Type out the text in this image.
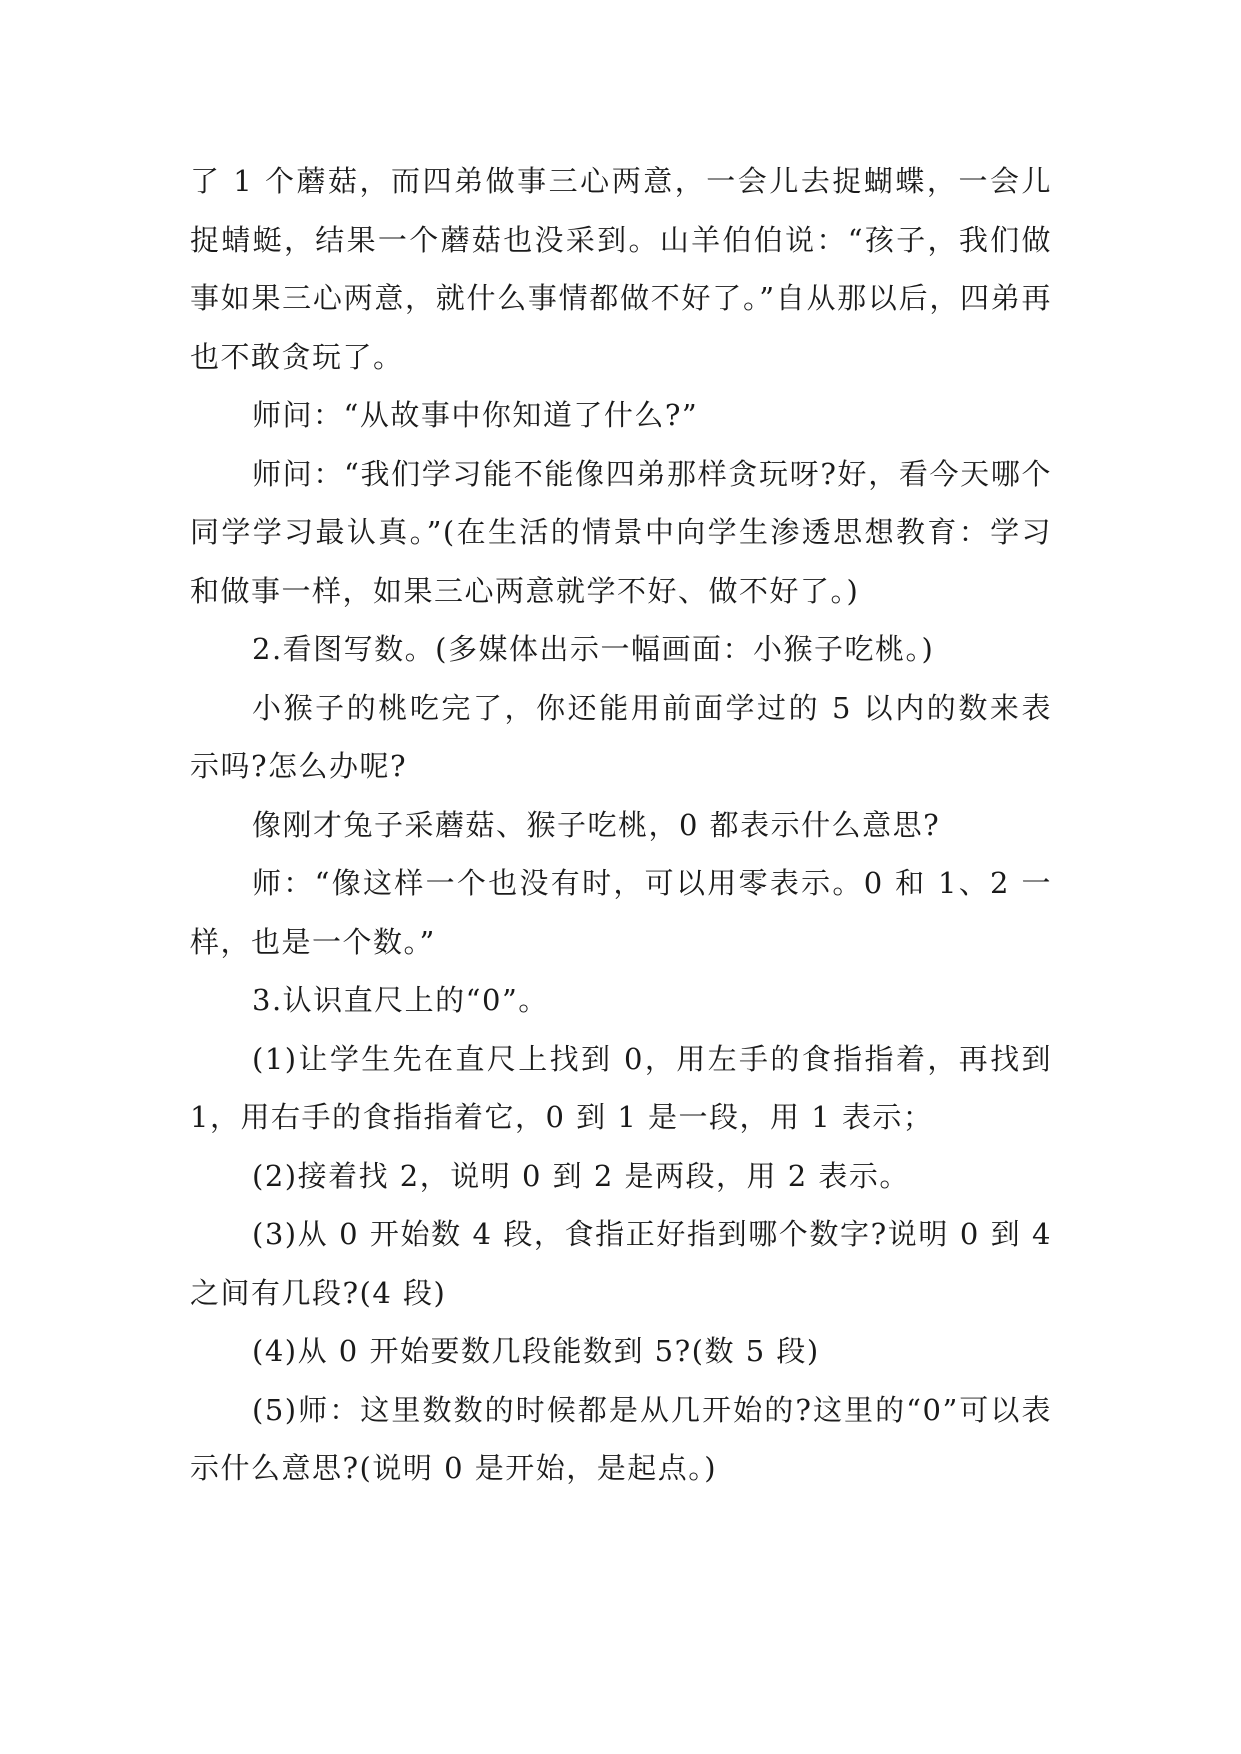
了 1 个蘑菇，而四弟做事三心两意，一会儿去捉蝴蝶，一会儿捉蜻蜓，结果一个蘑菇也没采到。山羊伯伯说：“孩子，我们做事如果三心两意，就什么事情都做不好了。”自从那以后，四弟再也不敢贪玩了。

师问：“从故事中你知道了什么?”

师问：“我们学习能不能像四弟那样贪玩呀?好，看今天哪个同学学习最认真。”(在生活的情景中向学生渗透思想教育：学习和做事一样，如果三心两意就学不好、做不好了。)

2.看图写数。(多媒体出示一幅画面：小猴子吃桃。)

小猴子的桃吃完了，你还能用前面学过的 5 以内的数来表示吗?怎么办呢?

像刚才兔子采蘑菇、猴子吃桃，0 都表示什么意思?

师：“像这样一个也没有时，可以用零表示。0 和 1、2 一样，也是一个数。”

3.认识直尺上的“0”。

(1)让学生先在直尺上找到 0，用左手的食指指着，再找到 1，用右手的食指指着它，0 到 1 是一段，用 1 表示；

(2)接着找 2，说明 0 到 2 是两段，用 2 表示。

(3)从 0 开始数 4 段，食指正好指到哪个数字?说明 0 到 4 之间有几段?(4 段)

(4)从 0 开始要数几段能数到 5?(数 5 段)

(5)师：这里数数的时候都是从几开始的?这里的“0”可以表示什么意思?(说明 0 是开始，是起点。)
